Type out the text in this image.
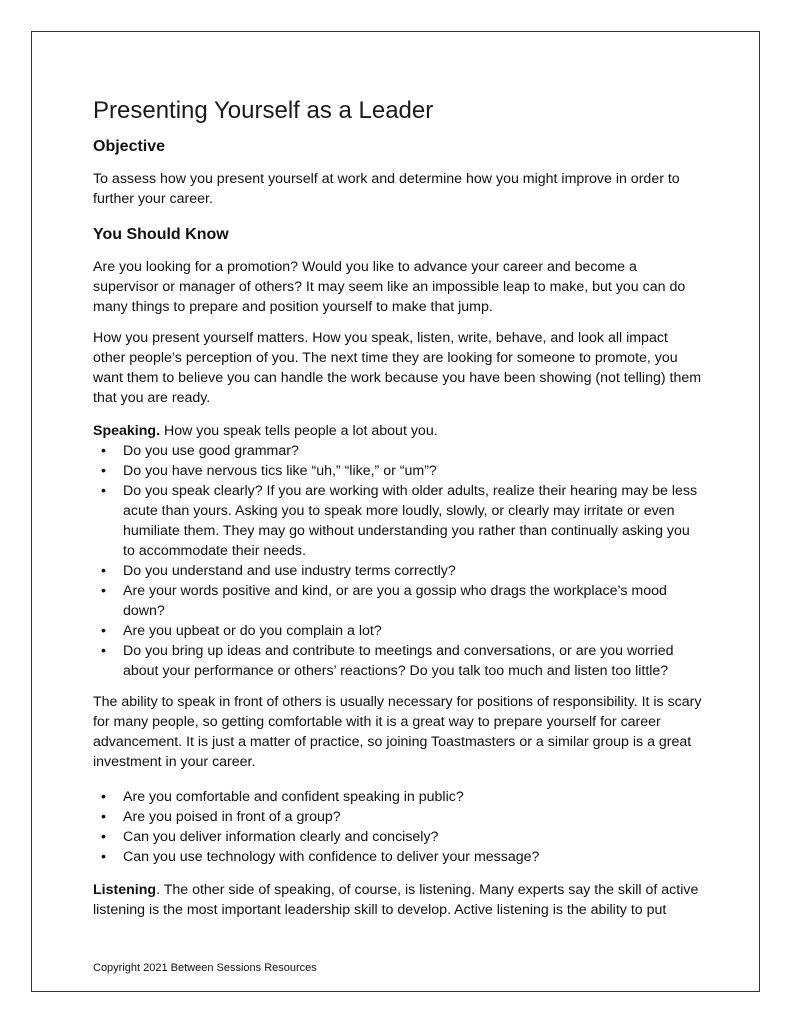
Presenting Yourself as a Leader
Objective

To assess how you present yourself at work and determine how you might improve in order to further your career.

You Should Know

Are you looking for a promotion? Would you like to advance your career and become a supervisor or manager of others? It may seem like an impossible leap to make, but you can do many things to prepare and position yourself to make that jump.

How you present yourself matters. How you speak, listen, write, behave, and look all impact other people’s perception of you. The next time they are looking for someone to promote, you want them to believe you can handle the work because you have been showing (not telling) them that you are ready.

Speaking. How you speak tells people a lot about you.

• Do you use good grammar?
• Do you have nervous tics like “uh,” “like,” or “um”?
• Do you speak clearly? If you are working with older adults, realize their hearing may be less acute than yours. Asking you to speak more loudly, slowly, or clearly may irritate or even humiliate them. They may go without understanding you rather than continually asking you to accommodate their needs.
• Do you understand and use industry terms correctly?
• Are your words positive and kind, or are you a gossip who drags the workplace’s mood down?
• Are you upbeat or do you complain a lot?
• Do you bring up ideas and contribute to meetings and conversations, or are you worried about your performance or others’ reactions? Do you talk too much and listen too little?

The ability to speak in front of others is usually necessary for positions of responsibility. It is scary for many people, so getting comfortable with it is a great way to prepare yourself for career advancement. It is just a matter of practice, so joining Toastmasters or a similar group is a great investment in your career.

• Are you comfortable and confident speaking in public?
• Are you poised in front of a group?
• Can you deliver information clearly and concisely?
• Can you use technology with confidence to deliver your message?

Listening. The other side of speaking, of course, is listening. Many experts say the skill of active listening is the most important leadership skill to develop. Active listening is the ability to put

Copyright 2021 Between Sessions Resources
